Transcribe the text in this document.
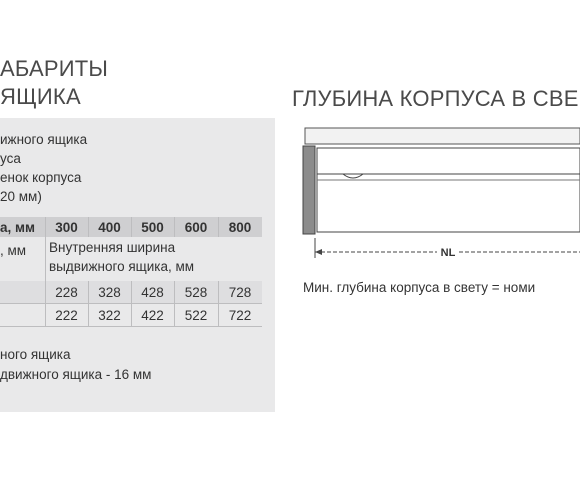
АБАРИТЫ
ЯЩИКА
ижного ящика
уса
енок корпуса
20 мм)
а, мм	300	400	500	600	800
, мм Внутренняя ширина
выдвижного ящика, мм
228	328	428	528	728
222	322	422	522	722
ного ящика
движного ящика - 16 мм
ГЛУБИНА КОРПУСА В СВЕ
NL
Мин. глубина корпуса в свету = номи
